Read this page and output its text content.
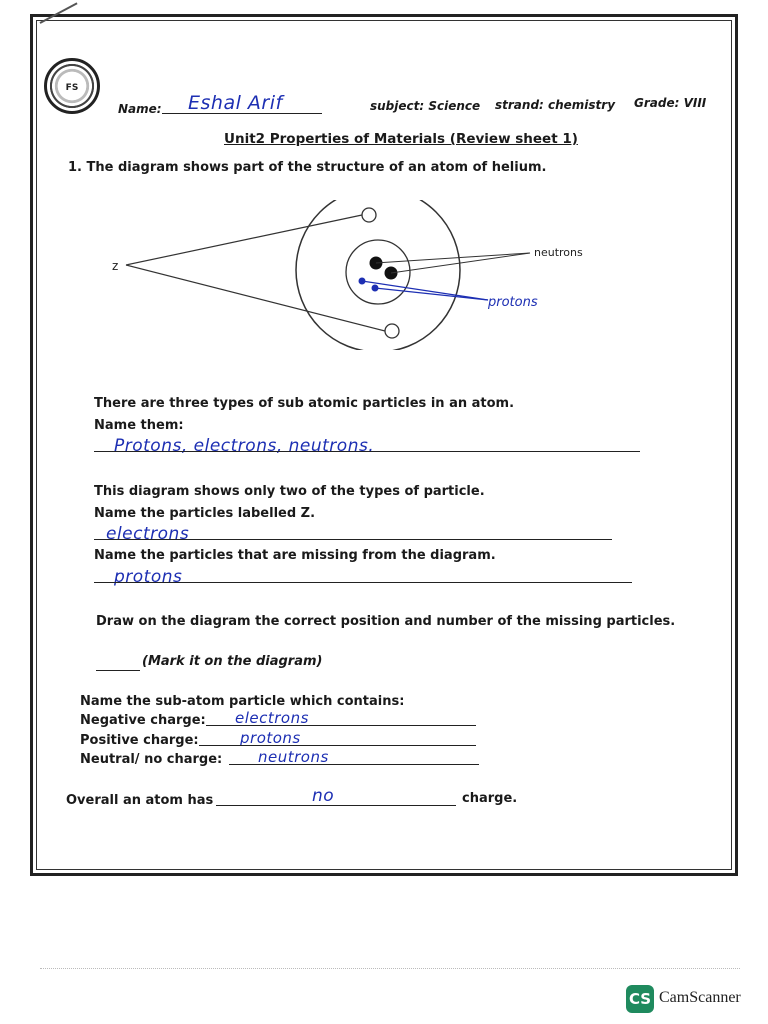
FS
Name: Eshal Arif	subject: Science strand: chemistry Grade: VIII
Unit2 Properties of Materials (Review sheet 1)
1. The diagram shows part of the structure of an atom of helium.
z
neutrons
protons
There are three types of sub atomic particles in an atom.
Name them:
Protons, electrons, neutrons.
This diagram shows only two of the types of particle.
Name the particles labelled Z.
electrons
Name the particles that are missing from the diagram.
protons
Draw on the diagram the correct position and number of the missing particles.
(Mark it on the diagram)
Name the sub-atom particle which contains:
Negative charge: electrons
Positive charge:	protons
Neutral/ no charge: neutrons
Overall an atom has	no	charge.
CS CamScanner
